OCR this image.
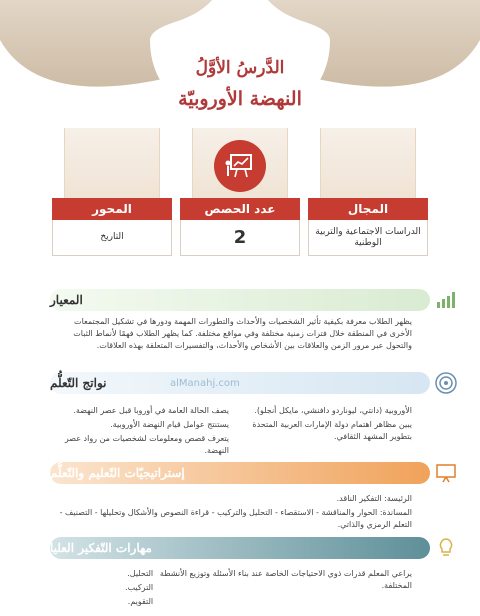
الدَّرسُ الأوَّلُ
النهضة الأوروبيّة
المجال
الدراسات الاجتماعية والتربية الوطنية
عدد الحصص
2
المحور
التاريخ
المعيار
يظهر الطلاب معرفة بكيفية تأثير الشخصيات والأحداث والتطورات المهمة ودورها في تشكيل المجتمعات الأخرى في المنطقة خلال فترات زمنية مختلفة وفي مواقع مختلفة. كما يظهر الطلاب فهمًا لأنماط الثبات والتحول عبر مرور الزمن والعلاقات بين الأشخاص والأحداث، والتفسيرات المتعلقة بهذه العلاقات.
نواتج التّعلُّم	alManahj.com

يصف الحالة العامة في أوروبا قبل عصر النهضة.

يستنتج عوامل قيام النهضة الأوروبية.

يتعرف قصص ومعلومات لشخصيات من رواد عصر النهضة.

الأوروبية (دانتي، ليوناردو دافنشي، مايكل أنجلو).

يبين مظاهر اهتمام دولة الإمارات العربية المتحدة بتطوير المشهد الثقافي.

إستراتيجيّات التّعليم والتّعلُّم

الرئيسة: التفكير الناقد.

المساندة: الحوار والمناقشة - الاستقصاء - التحليل والتركيب - قراءة النصوص والأشكال وتحليلها - التصنيف - التعلم الرمزي والذاتي.

مهارات التّفكير العليا

التحليل.

التركيب.

التقويم.

يراعي المعلم قدرات ذوي الاحتياجات الخاصة عند بناء الأسئلة وتوزيع الأنشطة المختلفة.
